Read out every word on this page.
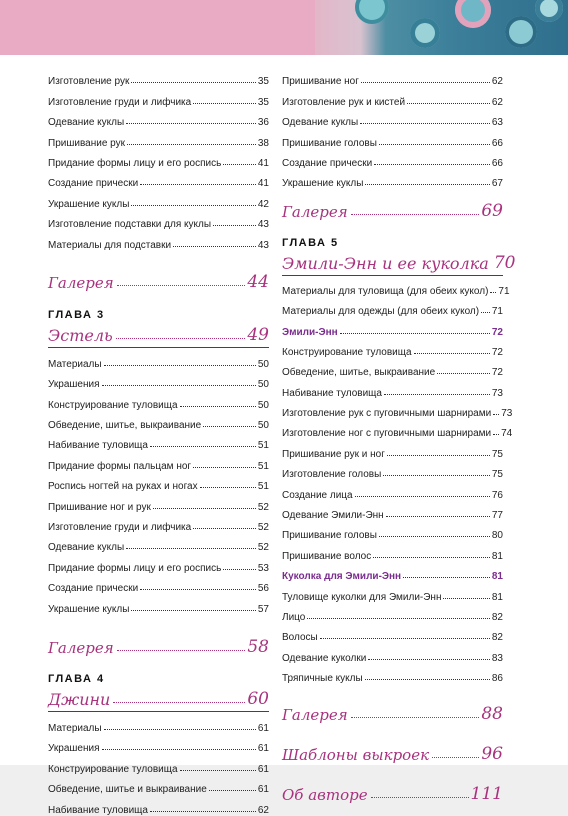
Изготовление рук	35
Изготовление груди и лифчика	35
Одевание куклы	36
Пришивание рук	38
Придание формы лицу и его роспись	41
Создание прически	41
Украшение куклы	42
Изготовление подставки для куклы	43
Материалы для подставки	43
Галерея	44
ГЛАВА 3
Эстель	49
Материалы	50
Украшения	50
Конструирование туловища	50
Обведение, шитье, выкраивание	50
Набивание туловища	51
Придание формы пальцам ног	51
Роспись ногтей на руках и ногах	51
Пришивание ног и рук	52
Изготовление груди и лифчика	52
Одевание куклы	52
Придание формы лицу и его роспись	53
Создание прически	56
Украшение куклы	57
Галерея	58
ГЛАВА 4
Джини	60
Материалы	61
Украшения	61
Конструирование туловища	61
Обведение, шитье и выкраивание	61
Набивание туловища	62
Пришивание ног	62
Изготовление рук и кистей	62
Одевание куклы	63
Пришивание головы	66
Создание прически	66
Украшение куклы	67
Галерея	69
ГЛАВА 5
Эмили-Энн и ее куколка 70
Материалы для туловища (для обеих кукол) 71
Материалы для одежды (для обеих кукол) 71
Эмили-Энн	72
Конструирование туловища	72
Обведение, шитье, выкраивание	72
Набивание туловища	73
Изготовление рук с пуговичными шарнирами 73
Изготовление ног с пуговичными шарнирами 74
Пришивание рук и ног	75
Изготовление головы	75
Создание лица	76
Одевание Эмили-Энн	77
Пришивание головы	80
Пришивание волос	81
Куколка для Эмили-Энн	81
Туловище куколки для Эмили-Энн	81
Лицо	82
Волосы	82
Одевание куколки	83
Тряпичные куклы	86
Галерея	88
Шаблоны выкроек	96
Об авторе	111
